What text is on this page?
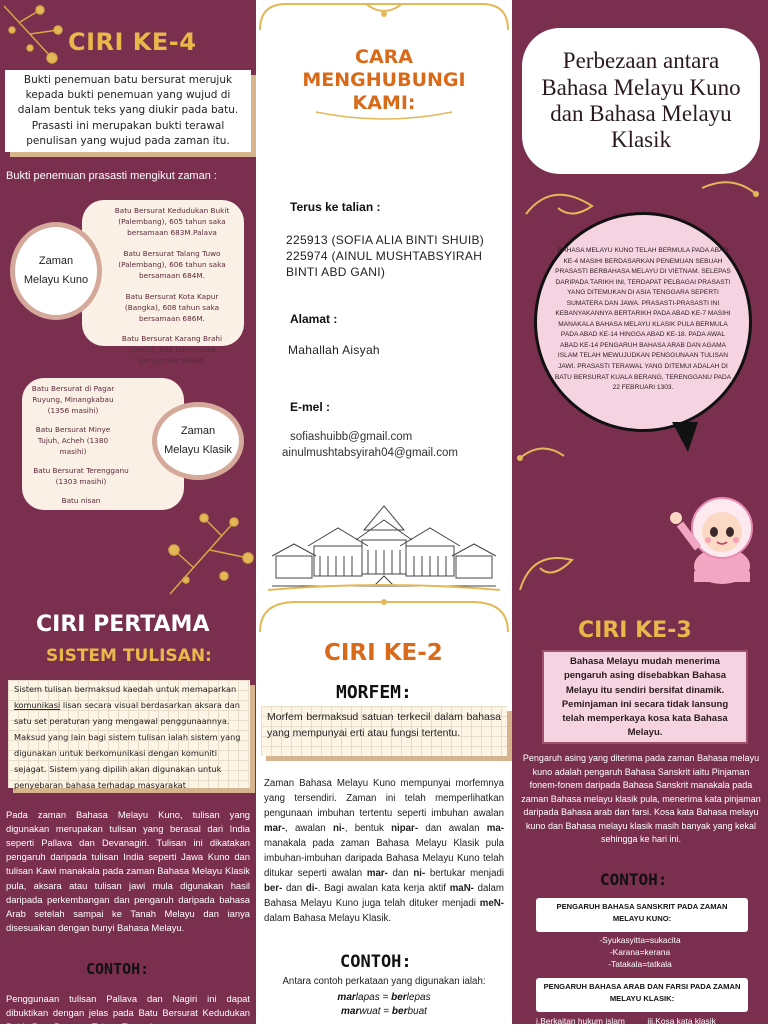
CIRI KE-4
Bukti penemuan batu bersurat merujuk kepada bukti penemuan yang wujud di dalam bentuk teks yang diukir pada batu. Prasasti ini merupakan bukti terawal penulisan yang wujud pada zaman itu.
Bukti penemuan prasasti mengikut zaman :

Batu Bersurat Kedudukan Bukit (Palembang), 605 tahun saka bersamaan 683M.Palava

Batu Bersurat Talang Tuwo (Palembang), 606 tahun saka bersamaan 684M.

Batu Bersurat Kota Kapur (Bangka), 608 tahun saka bersamaan 686M.

Batu Bersurat Karang Brahi (Jambi), 608 tahun saka bersamaan 686M.

Zaman
Melayu Kuno

Batu Bersurat di Pagar Ruyung, Minangkabau (1356 masihi)

Batu Bersurat Minye Tujuh, Acheh (1380 masihi)

Batu Bersurat Terengganu (1303 masihi)

Batu nisan

Zaman
Melayu Klasik
CARA
MENGHUBUNGI
KAMI:
Terus ke talian :
225913 (SOFIA ALIA BINTI SHUIB)
225974 (AINUL MUSHTABSYIRAH
BINTI ABD GANI)
Alamat :
Mahallah Aisyah
E-mel :
sofiashuibb@gmail.com
ainulmushtabsyirah04@gmail.com
Perbezaan antara Bahasa Melayu Kuno dan Bahasa Melayu Klasik
BAHASA MELAYU KUNO TELAH BERMULA PADA ABAD KE-4 MASIHI BERDASARKAN PENEMUAN SEBUAH PRASASTI BERBAHASA MELAYU DI VIETNAM. SELEPAS DARIPADA TARIKH INI, TERDAPAT PELBAGAI PRASASTI YANG DITEMUKAN DI ASIA TENGGARA SEPERTI SUMATERA DAN JAWA. PRASASTI-PRASASTI INI KEBANYAKANNYA BERTARIKH PADA ABAD KE-7 MASIHI MANAKALA BAHASA MELAYU KLASIK PULA BERMULA PADA ABAD KE-14 HINGGA ABAD KE-18. PADA AWAL ABAD KE-14 PENGARUH BAHASA ARAB DAN AGAMA ISLAM TELAH MEWUJUDKAN PENGGUNAAN TULISAN JAWI. PRASASTI TERAWAL YANG DITEMUI ADALAH DI BATU BERSURAT KUALA BERANG, TERENGGANU PADA 22 FEBRUARI 1303.
CIRI PERTAMA
SISTEM TULISAN:
Sistem tulisan bermaksud kaedah untuk memaparkan komunikasi lisan secara visual berdasarkan aksara dan satu set peraturan yang mengawal penggunaannya. Maksud yang lain bagi sistem tulisan ialah sistem yang digunakan untuk berkomunikasi dengan komuniti sejagat. Sistem yang dipilih akan digunakan untuk penyebaran bahasa terhadap masyarakat
Pada zaman Bahasa Melayu Kuno, tulisan yang digunakan merupakan tulisan yang berasal dari India seperti Pallava dan Devanagiri. Tulisan ini dikatakan pengaruh daripada tulisan India seperti Jawa Kuno dan tulisan Kawi manakala pada zaman Bahasa Melayu Klasik pula, aksara atau tulisan jawi mula digunakan hasil daripada perkembangan dan pengaruh daripada bahasa Arab setelah sampai ke Tanah Melayu dan ianya disesuaikan dengan bunyi Bahasa Melayu.
CONTOH:
Penggunaan tulisan Pallava dan Nagiri ini dapat dibuktikan dengan jelas pada Batu Bersurat Kedudukan Bukit, Batu Bersurat Talang Tuwo dan
CIRI KE-2
MORFEM:
Morfem bermaksud satuan terkecil dalam bahasa yang mempunyai erti atau fungsi tertentu.
Zaman Bahasa Melayu Kuno mempunyai morfemnya yang tersendiri. Zaman ini telah memperlihatkan pengunaan imbuhan tertentu seperti imbuhan awalan mar-, awalan ni-, bentuk nipar- dan awalan ma-manakala pada zaman Bahasa Melayu Klasik pula imbuhan-imbuhan daripada Bahasa Melayu Kuno telah ditukar seperti awalan mar- dan ni- bertukar menjadi ber- dan di-. Bagi awalan kata kerja aktif maN- dalam Bahasa Melayu Kuno juga telah dituker menjadi meN- dalam Bahasa Melayu Klasik.
CONTOH:
Antara contoh perkataan yang digunakan ialah:
marlapas = berlepas
marwuat = berbuat
CIRI KE-3
Bahasa Melayu mudah menerima pengaruh asing disebabkan Bahasa Melayu itu sendiri bersifat dinamik. Peminjaman ini secara tidak lansung telah memperkaya kosa kata Bahasa Melayu.
Pengaruh asing yang diterima pada zaman Bahasa melayu kuno adalah pengaruh Bahasa Sanskrit iaitu Pinjaman fonem-fonem daripada Bahasa Sanskrit manakala pada zaman Bahasa melayu klasik pula, menerima kata pinjaman daripada Bahasa arab dan farsi. Kosa kata Bahasa melayu kuno dan Bahasa melayu klasik masih banyak yang kekal sehingga ke hari ini.
CONTOH:
PENGARUH BAHASA SANSKRIT PADA ZAMAN MELAYU KUNO:
-Syukasyitta=sukacita
-Karana=kerana
-Tatakala=tatkala
PENGARUH BAHASA ARAB DAN FARSI PADA ZAMAN MELAYU KLASIK:
i.Berkaitan hukum islam	iii.Kosa kata klasik
